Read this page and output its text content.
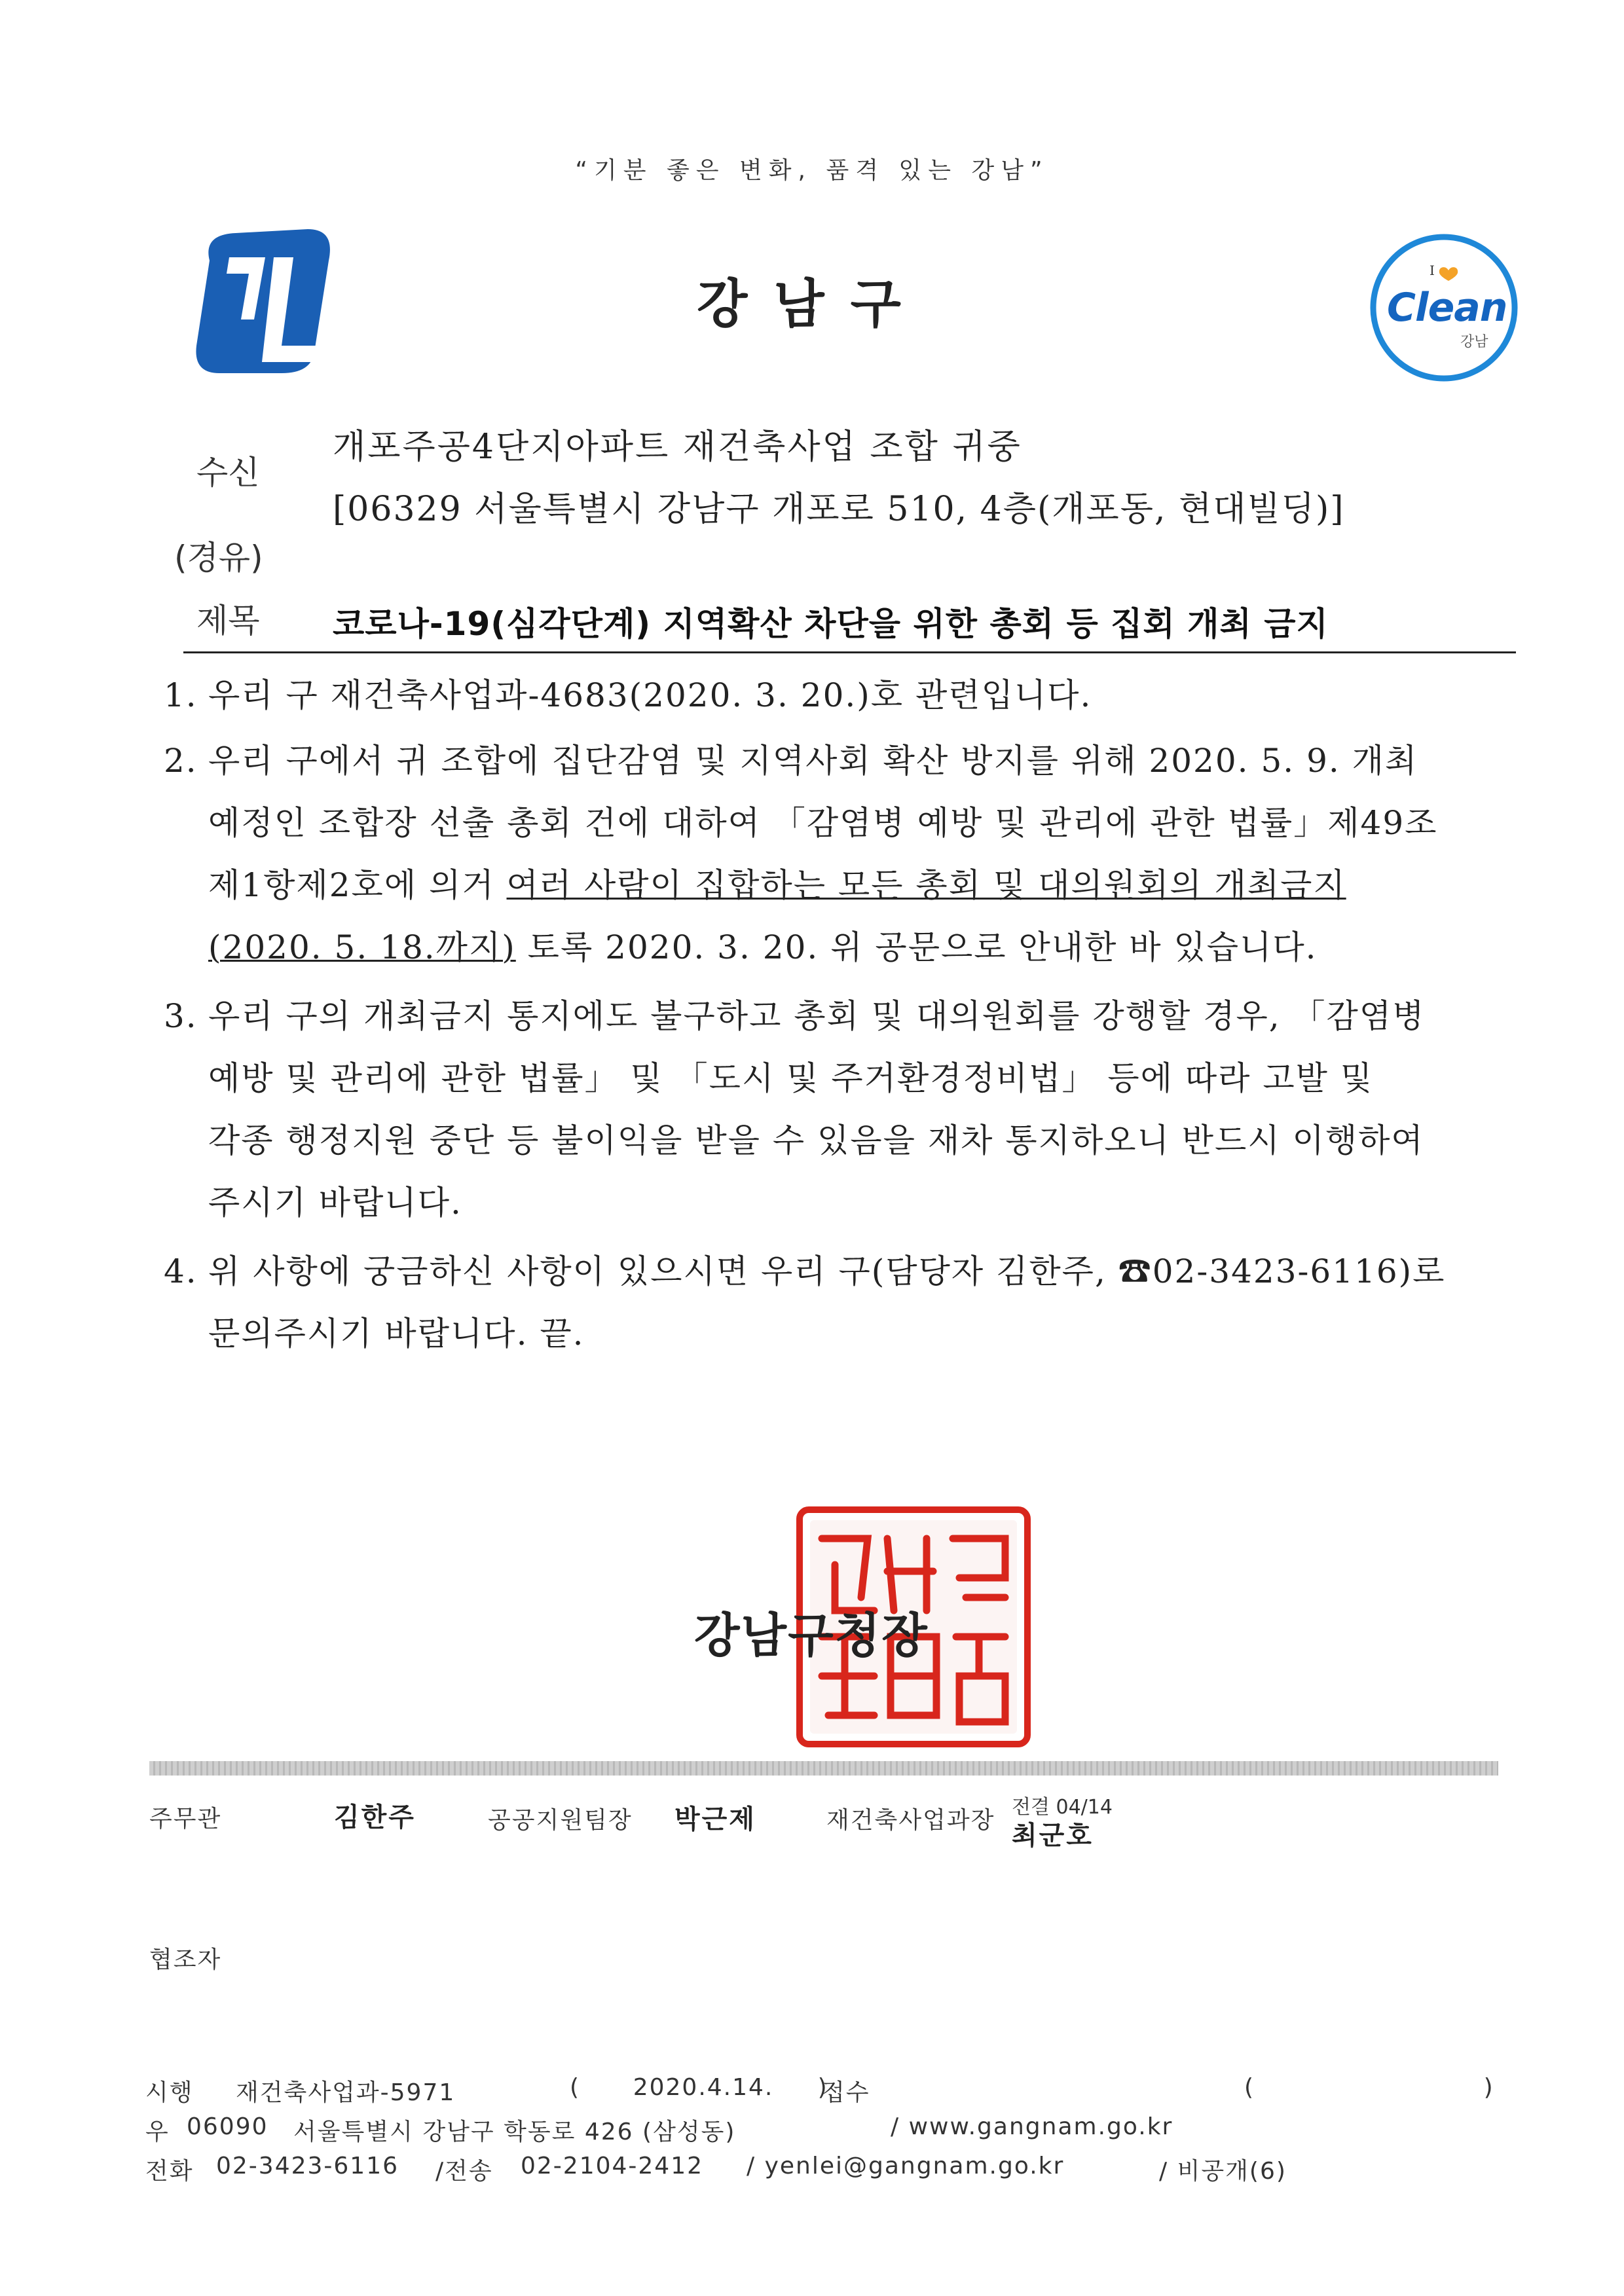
“기분 좋은 변화, 품격 있는 강남”
강남구
I
Clean
강남
수신
개포주공4단지아파트 재건축사업 조합 귀중
[06329 서울특별시 강남구 개포로 510, 4층(개포동, 현대빌딩)]
(경유)
제목 코로나-19(심각단계) 지역확산 차단을 위한 총회 등 집회 개최 금지
1. 우리 구 재건축사업과-4683(2020. 3. 20.)호 관련입니다.
2. 우리 구에서 귀 조합에 집단감염 및 지역사회 확산 방지를 위해 2020. 5. 9. 개최
예정인 조합장 선출 총회 건에 대하여 「감염병 예방 및 관리에 관한 법률」제49조
제1항제2호에 의거 여러 사람이 집합하는 모든 총회 및 대의원회의 개최금지
(2020. 5. 18.까지) 토록 2020. 3. 20. 위 공문으로 안내한 바 있습니다.
3. 우리 구의 개최금지 통지에도 불구하고 총회 및 대의원회를 강행할 경우, 「감염병
예방 및 관리에 관한 법률」 및 「도시 및 주거환경정비법」 등에 따라 고발 및
각종 행정지원 중단 등 불이익을 받을 수 있음을 재차 통지하오니 반드시 이행하여
주시기 바랍니다.
4. 위 사항에 궁금하신 사항이 있으시면 우리 구(담당자 김한주, ☎02-3423-6116)로
문의주시기 바랍니다. 끝.
강남구청장
주무관	김한주	공공지원팀장 박근제	재건축사업과장 전결 04/14
최군호
협조자
시행 재건축사업과-5971	(      2020.4.14.     )
접수	(                          )
우 06090 서울특별시 강남구 학동로 426 (삼성동)	/ www.gangnam.go.kr
전화 02-3423-6116 /전송 02-2104-2412 / yenlei@gangnam.go.kr	/ 비공개(6)
